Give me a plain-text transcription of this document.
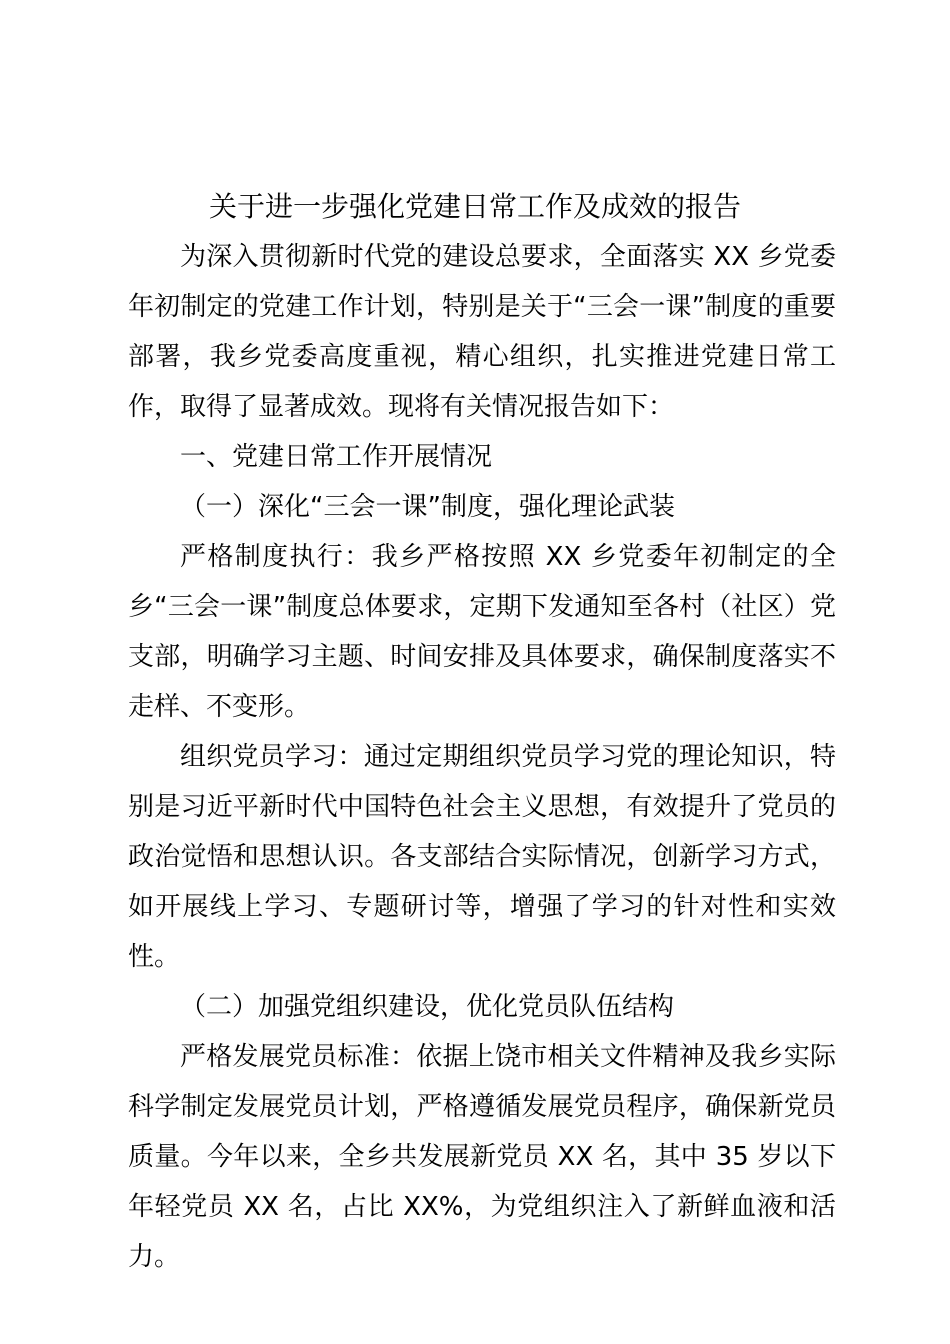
关于进一步强化党建日常工作及成效的报告

为深入贯彻新时代党的建设总要求，全面落实 XX 乡党委年初制定的党建工作计划，特别是关于“三会一课”制度的重要部署，我乡党委高度重视，精心组织，扎实推进党建日常工作，取得了显著成效。现将有关情况报告如下：

一、党建日常工作开展情况

（一）深化“三会一课”制度，强化理论武装

严格制度执行：我乡严格按照 XX 乡党委年初制定的全乡“三会一课”制度总体要求，定期下发通知至各村（社区）党支部，明确学习主题、时间安排及具体要求，确保制度落实不走样、不变形。

组织党员学习：通过定期组织党员学习党的理论知识，特别是习近平新时代中国特色社会主义思想，有效提升了党员的政治觉悟和思想认识。各支部结合实际情况，创新学习方式，如开展线上学习、专题研讨等，增强了学习的针对性和实效性。

（二）加强党组织建设，优化党员队伍结构

严格发展党员标准：依据上饶市相关文件精神及我乡实际科学制定发展党员计划，严格遵循发展党员程序，确保新党员质量。今年以来，全乡共发展新党员 XX 名，其中 35 岁以下年轻党员 XX 名，占比 XX%，为党组织注入了新鲜血液和活力。
